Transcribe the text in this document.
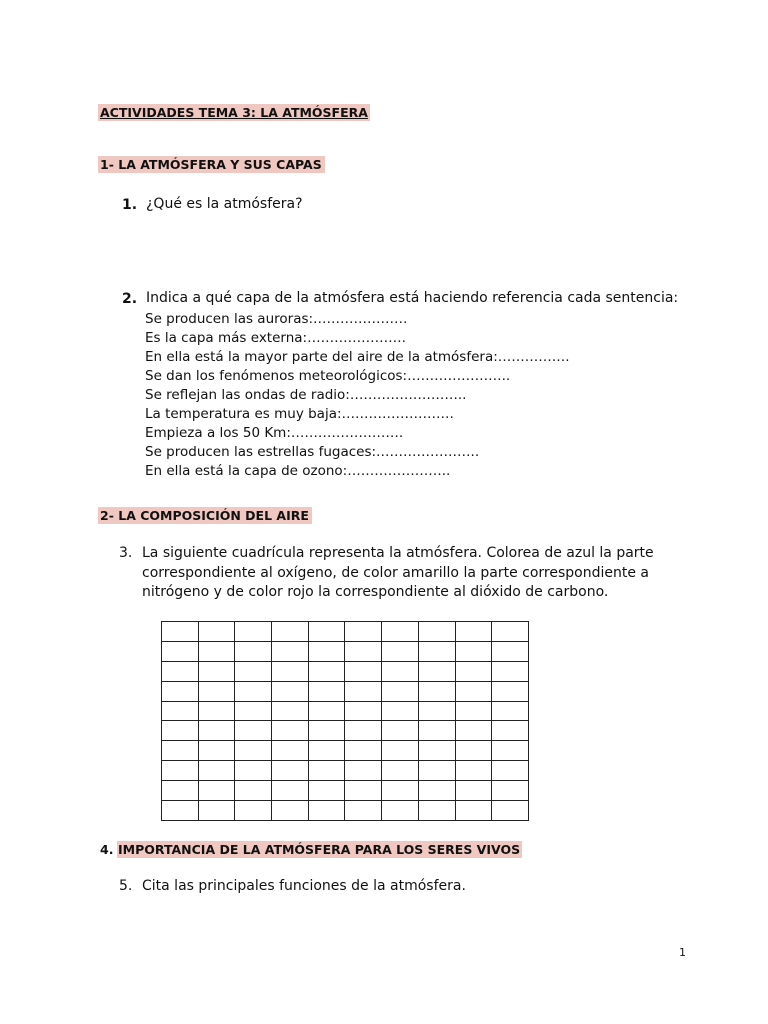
ACTIVIDADES TEMA 3: LA ATMÓSFERA
1- LA ATMÓSFERA Y SUS CAPAS
1. ¿Qué es la atmósfera?
2. Indica a qué capa de la atmósfera está haciendo referencia cada sentencia:
Se producen las auroras:…………………
Es la capa más externa:………………….
En ella está la mayor parte del aire de la atmósfera:…………….
Se dan los fenómenos meteorológicos:…………………..
Se reflejan las ondas de radio:……………………..
La temperatura es muy baja:…………………….
Empieza a los 50 Km:…………………….
Se producen las estrellas fugaces:…………………..
En ella está la capa de ozono:…………………..
2- LA COMPOSICIÓN DEL AIRE
3. La siguiente cuadrícula representa la atmósfera. Colorea de azul la parte
correspondiente al oxígeno, de color amarillo la parte correspondiente a
nitrógeno y de color rojo la correspondiente al dióxido de carbono.

4. IMPORTANCIA DE LA ATMÓSFERA PARA LOS SERES VIVOS
5. Cita las principales funciones de la atmósfera.
1
